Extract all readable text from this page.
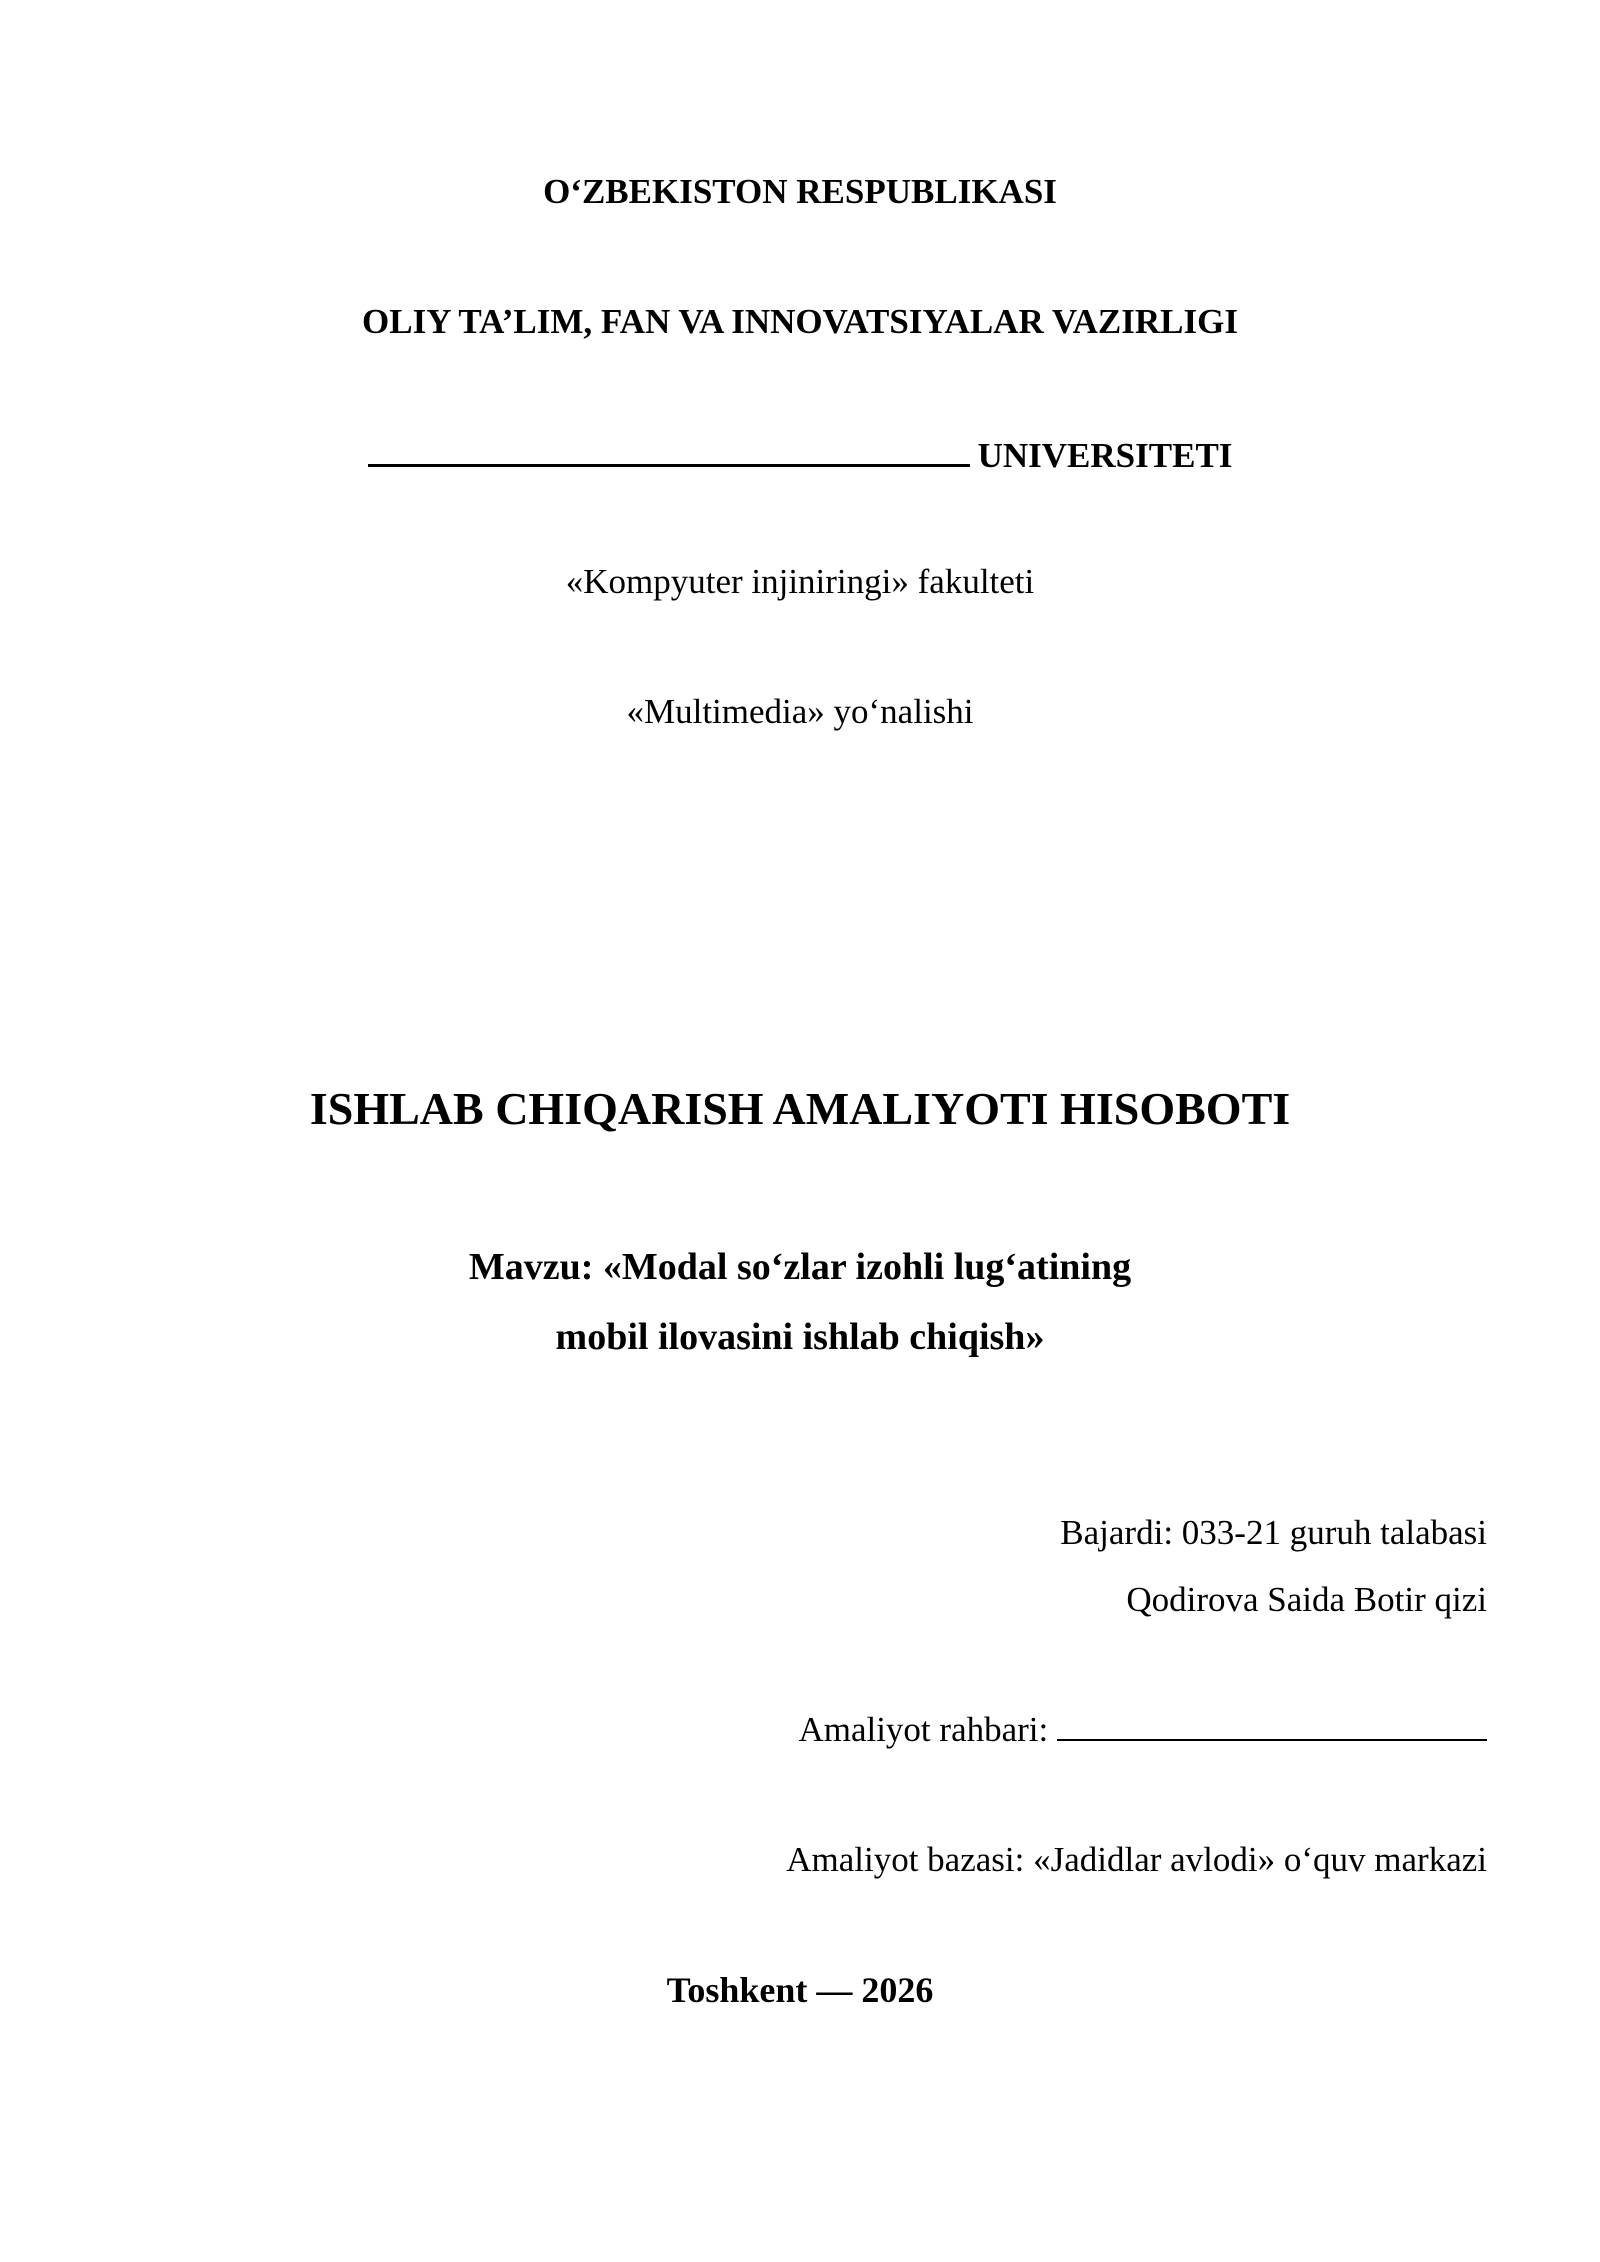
O‘ZBEKISTON RESPUBLIKASI
OLIY TA’LIM, FAN VA INNOVATSIYALAR VAZIRLIGI
UNIVERSITETI
«Kompyuter injiniringi» fakulteti
«Multimedia» yo‘nalishi
ISHLAB CHIQARISH AMALIYOTI HISOBOTI
Mavzu: «Modal so‘zlar izohli lug‘atining
mobil ilovasini ishlab chiqish»
Bajardi: 033-21 guruh talabasi
Qodirova Saida Botir qizi
Amaliyot rahbari:
Amaliyot bazasi: «Jadidlar avlodi» o‘quv markazi
Toshkent — 2026
